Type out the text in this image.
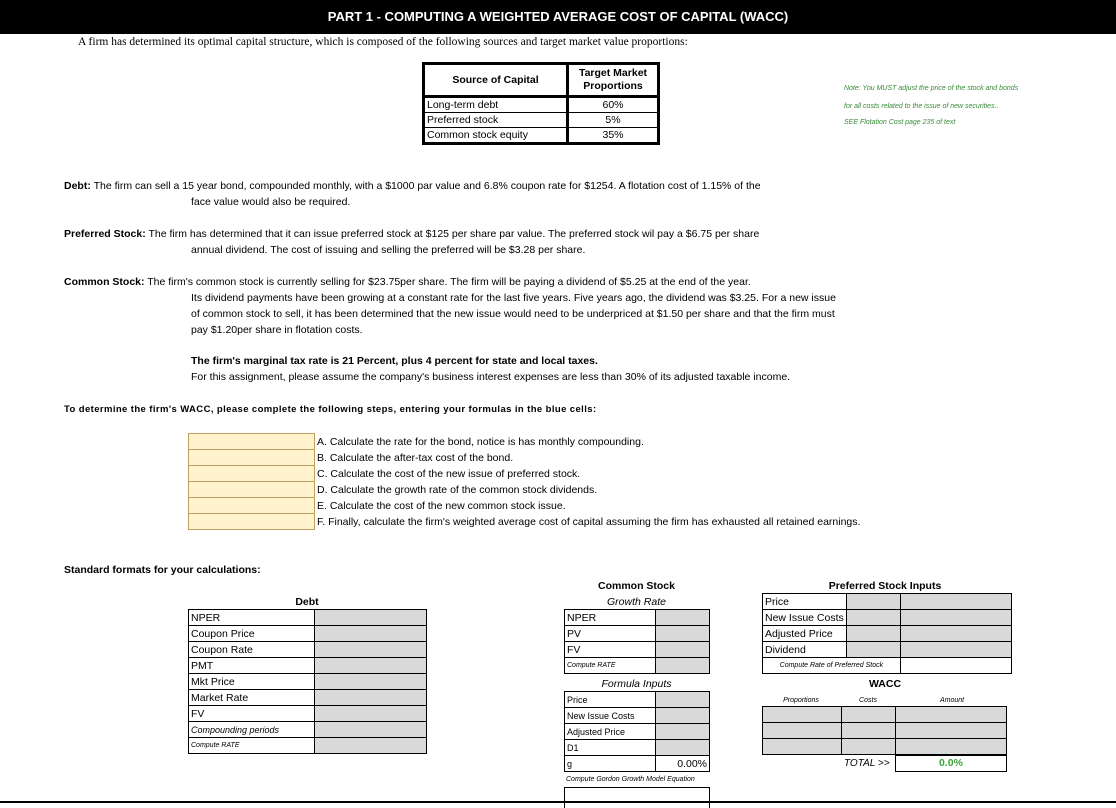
PART 1 - COMPUTING A WEIGHTED AVERAGE COST OF CAPITAL (WACC)
A firm has determined its optimal capital structure, which is composed of the following sources and target market value proportions:
Source of Capital	Target Market Proportions
Long-term debt	60%
Preferred stock	5%
Common stock equity	35%
Note: You MUST adjust the price of the stock and bonds
for all costs related to the issue of new securities..
SEE Flotation Cost page 235 of text
Debt: The firm can sell a 15 year bond, compounded monthly, with a $1000 par value and 6.8% coupon rate for $1254. A flotation cost of 1.15% of the
face value would also be required.
Preferred Stock: The firm has determined that it can issue preferred stock at $125 per share par value. The preferred stock wil pay a $6.75 per share
annual dividend. The cost of issuing and selling the preferred will be $3.28 per share.
Common Stock: The firm's common stock is currently selling for $23.75per share. The firm will be paying a dividend of $5.25 at the end of the year.
Its dividend payments have been growing at a constant rate for the last five years. Five years ago, the dividend was $3.25. For a new issue
of common stock to sell, it has been determined that the new issue would need to be underpriced at $1.50 per share and that the firm must
pay $1.20per share in flotation costs.
The firm's marginal tax rate is 21 Percent, plus 4 percent for state and local taxes.
For this assignment, please assume the company's business interest expenses are less than 30% of its adjusted taxable income.
To determine the firm's WACC, please complete the following steps, entering your formulas in the blue cells:
	A. Calculate the rate for the bond, notice is has monthly compounding.
	B. Calculate the after-tax cost of the bond.
	C. Calculate the cost of the new issue of preferred stock.
	D. Calculate the growth rate of the common stock dividends.
	E. Calculate the cost of the new common stock issue.
	F. Finally, calculate the firm's weighted average cost of capital assuming the firm has exhausted all retained earnings.
Standard formats for your calculations:
Debt
NPER	
Coupon Price	
Coupon Rate	
PMT	
Mkt Price	
Market Rate	
FV	
Compounding periods	
Compute RATE	
Common Stock
Growth Rate
NPER	
PV	
FV	
Compute RATE	
Formula Inputs
Price	
New Issue Costs	
Adjusted Price	
D1	
g	0.00%
Compute Gordon Growth Model Equation
Preferred Stock Inputs
Price		
New Issue Costs		
Adjusted Price		
Dividend		
Compute Rate of Preferred Stock		
WACC
Proportions	Costs	Amount

TOTAL >>	0.0%
